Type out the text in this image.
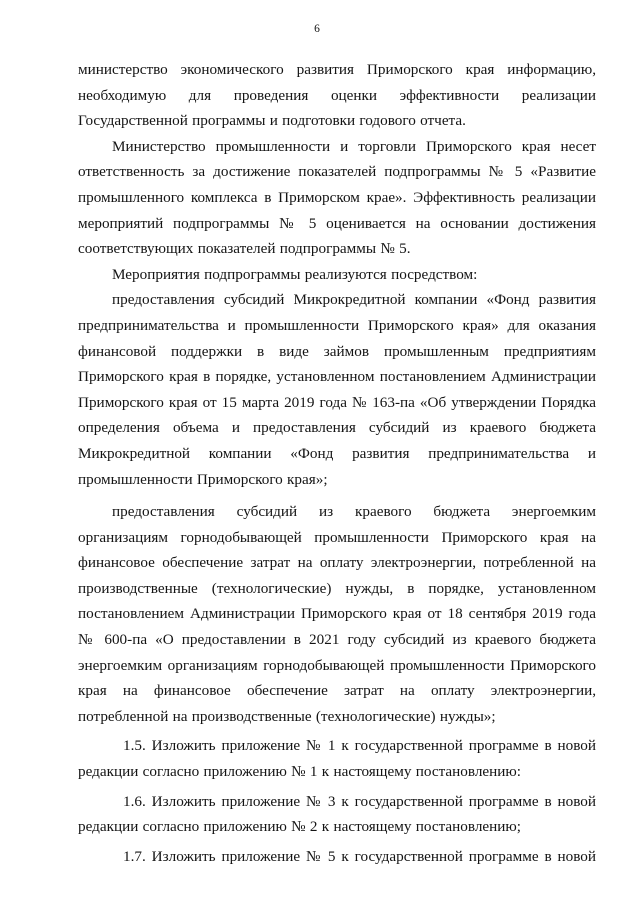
6

министерство экономического развития Приморского края информацию, необходимую для проведения оценки эффективности реализации Государственной программы и подготовки годового отчета.

Министерство промышленности и торговли Приморского края несет ответственность за достижение показателей подпрограммы № 5 «Развитие промышленного комплекса в Приморском крае». Эффективность реализации мероприятий подпрограммы № 5 оценивается на основании достижения соответствующих показателей подпрограммы № 5.

Мероприятия подпрограммы реализуются посредством:

предоставления субсидий Микрокредитной компании «Фонд развития предпринимательства и промышленности Приморского края» для оказания финансовой поддержки в виде займов промышленным предприятиям Приморского края в порядке, установленном постановлением Администрации Приморского края от 15 марта 2019 года № 163-па «Об утверждении Порядка определения объема и предоставления субсидий из краевого бюджета Микрокредитной компании «Фонд развития предпринимательства и промышленности Приморского края»;

предоставления субсидий из краевого бюджета энергоемким организациям горнодобывающей промышленности Приморского края на финансовое обеспечение затрат на оплату электроэнергии, потребленной на производственные (технологические) нужды, в порядке, установленном постановлением Администрации Приморского края от 18 сентября 2019 года № 600-па «О предоставлении в 2021 году субсидий из краевого бюджета энергоемким организациям горнодобывающей промышленности Приморского края на финансовое обеспечение затрат на оплату электроэнергии, потребленной на производственные (технологические) нужды»;

1.5. Изложить приложение № 1 к государственной программе в новой редакции согласно приложению № 1 к настоящему постановлению:

1.6. Изложить приложение № 3 к государственной программе в новой редакции согласно приложению № 2 к настоящему постановлению;

1.7. Изложить приложение № 5 к государственной программе в новой
